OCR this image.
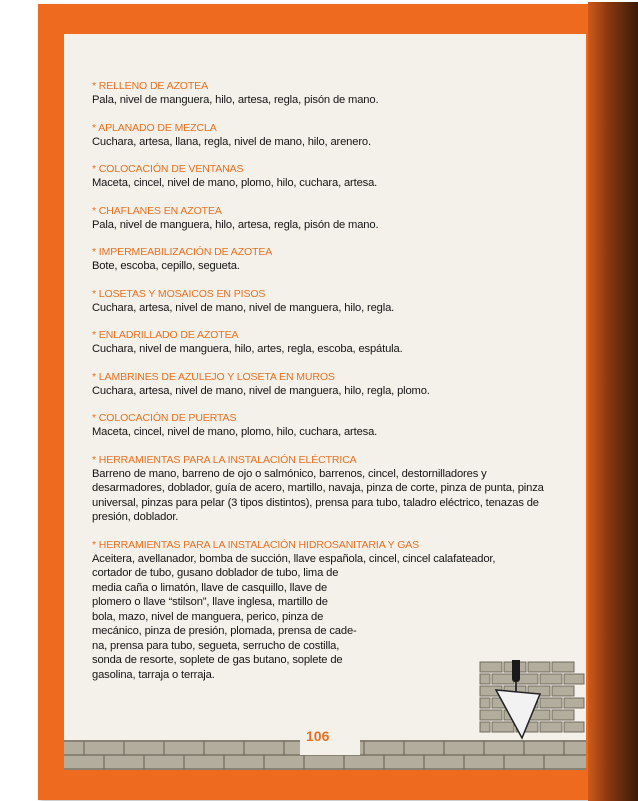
* RELLENO DE AZOTEA
Pala, nivel de manguera, hilo, artesa, regla, pisón de mano.
* APLANADO DE MEZCLA
Cuchara, artesa, llana, regla, nivel de mano, hilo, arenero.
* COLOCACIÓN DE VENTANAS
Maceta, cincel, nivel de mano, plomo, hilo, cuchara, artesa.
* CHAFLANES EN AZOTEA
Pala, nivel de manguera, hilo, artesa, regla, pisón de mano.
* IMPERMEABILIZACIÓN DE AZOTEA
Bote, escoba, cepillo, segueta.
* LOSETAS Y MOSAICOS EN PISOS
Cuchara, artesa, nivel de mano, nivel de manguera, hilo, regla.
* ENLADRILLADO DE AZOTEA
Cuchara, nivel de manguera, hilo, artes, regla, escoba, espátula.
* LAMBRINES DE AZULEJO Y LOSETA EN MUROS
Cuchara, artesa, nivel de mano, nivel de manguera, hilo, regla, plomo.
* COLOCACIÓN DE PUERTAS
Maceta, cincel, nivel de mano, plomo, hilo, cuchara, artesa.
* HERRAMIENTAS PARA LA INSTALACIÓN ELÉCTRICA
Barreno de mano, barreno de ojo o salmónico, barrenos, cincel, destornilladores y desarmadores, doblador, guía de acero, martillo, navaja, pinza de corte, pinza de punta, pinza universal, pinzas para pelar (3 tipos distintos), prensa para tubo, taladro eléctrico, tenazas de presión, doblador.
* HERRAMIENTAS PARA LA INSTALACIÓN HIDROSANITARIA Y GAS
Aceitera, avellanador, bomba de succión, llave española, cincel, cincel calafateador,
cortador de tubo, gusano doblador de tubo, lima de
media caña o limatón, llave de casquillo, llave de
plomero o llave “stilson”, llave inglesa, martillo de
bola, mazo, nivel de manguera, perico, pinza de
mecánico, pinza de presión, plomada, prensa de cade-
na, prensa para tubo, segueta, serrucho de costilla,
sonda de resorte, soplete de gas butano, soplete de
gasolina, tarraja o terraja.
106
